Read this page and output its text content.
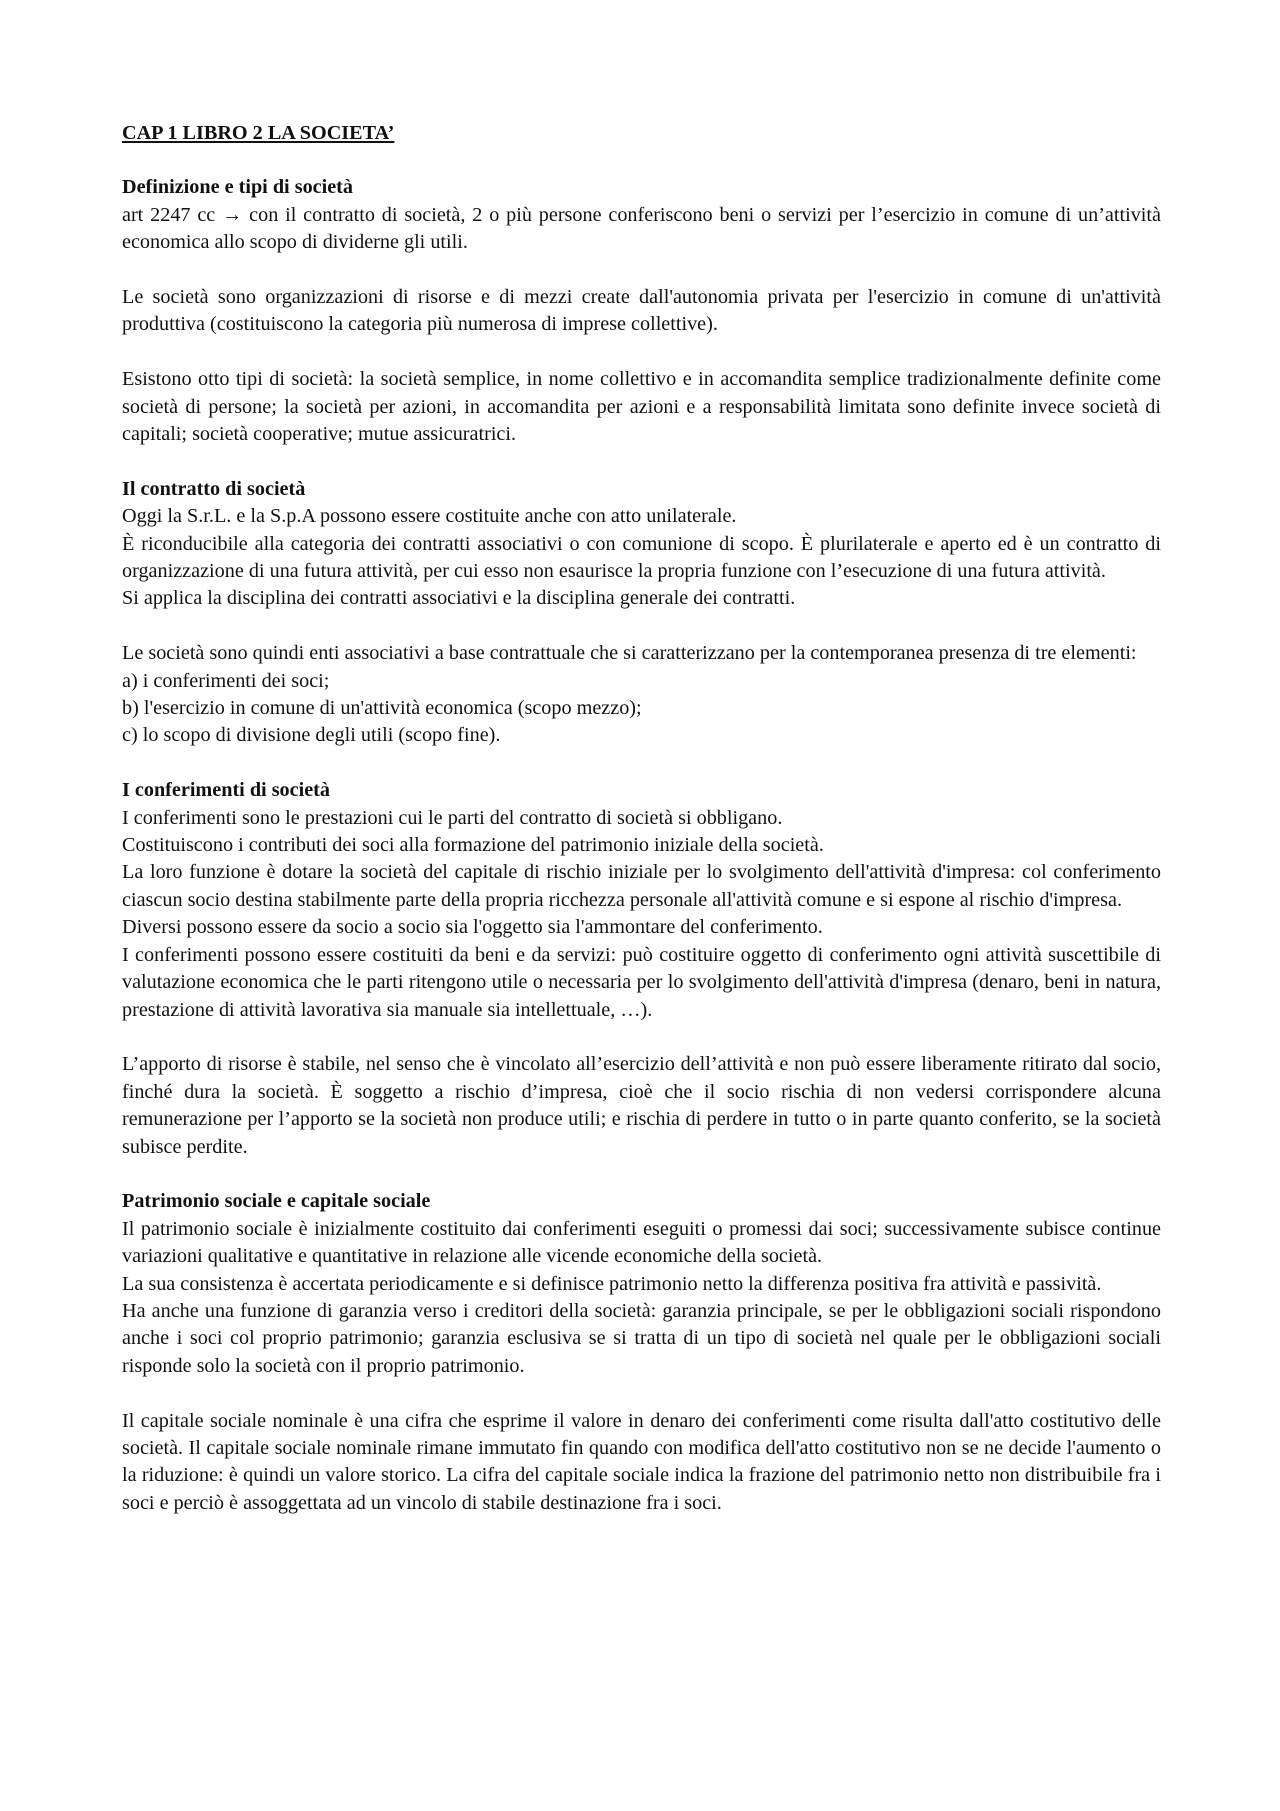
CAP 1 LIBRO 2 LA SOCIETA’

Definizione e tipi di società

art 2247 cc → con il contratto di società, 2 o più persone conferiscono beni o servizi per l’esercizio in comune di un’attività economica allo scopo di dividerne gli utili.

Le società sono organizzazioni di risorse e di mezzi create dall'autonomia privata per l'esercizio in comune di un'attività produttiva (costituiscono la categoria più numerosa di imprese collettive).

Esistono otto tipi di società: la società semplice, in nome collettivo e in accomandita semplice tradizionalmente definite come società di persone; la società per azioni, in accomandita per azioni e a responsabilità limitata sono definite invece società di capitali; società cooperative; mutue assicuratrici.

Il contratto di società

Oggi la S.r.L. e la S.p.A possono essere costituite anche con atto unilaterale.

È riconducibile alla categoria dei contratti associativi o con comunione di scopo. È plurilaterale e aperto ed è un contratto di organizzazione di una futura attività, per cui esso non esaurisce la propria funzione con l’esecuzione di una futura attività.

Si applica la disciplina dei contratti associativi e la disciplina generale dei contratti.

Le società sono quindi enti associativi a base contrattuale che si caratterizzano per la contemporanea presenza di tre elementi:

a) i conferimenti dei soci;

b) l'esercizio in comune di un'attività economica (scopo mezzo);

c) lo scopo di divisione degli utili (scopo fine).

I conferimenti di società

I conferimenti sono le prestazioni cui le parti del contratto di società si obbligano.

Costituiscono i contributi dei soci alla formazione del patrimonio iniziale della società.

La loro funzione è dotare la società del capitale di rischio iniziale per lo svolgimento dell'attività d'impresa: col conferimento ciascun socio destina stabilmente parte della propria ricchezza personale all'attività comune e si espone al rischio d'impresa.

Diversi possono essere da socio a socio sia l'oggetto sia l'ammontare del conferimento.

I conferimenti possono essere costituiti da beni e da servizi: può costituire oggetto di conferimento ogni attività suscettibile di valutazione economica che le parti ritengono utile o necessaria per lo svolgimento dell'attività d'impresa (denaro, beni in natura, prestazione di attività lavorativa sia manuale sia intellettuale, …).

L’apporto di risorse è stabile, nel senso che è vincolato all’esercizio dell’attività e non può essere liberamente ritirato dal socio, finché dura la società. È soggetto a rischio d’impresa, cioè che il socio rischia di non vedersi corrispondere alcuna remunerazione per l’apporto se la società non produce utili; e rischia di perdere in tutto o in parte quanto conferito, se la società subisce perdite.

Patrimonio sociale e capitale sociale

Il patrimonio sociale è inizialmente costituito dai conferimenti eseguiti o promessi dai soci; successivamente subisce continue variazioni qualitative e quantitative in relazione alle vicende economiche della società.

La sua consistenza è accertata periodicamente e si definisce patrimonio netto la differenza positiva fra attività e passività.

Ha anche una funzione di garanzia verso i creditori della società: garanzia principale, se per le obbligazioni sociali rispondono anche i soci col proprio patrimonio; garanzia esclusiva se si tratta di un tipo di società nel quale per le obbligazioni sociali risponde solo la società con il proprio patrimonio.

Il capitale sociale nominale è una cifra che esprime il valore in denaro dei conferimenti come risulta dall'atto costitutivo delle società. Il capitale sociale nominale rimane immutato fin quando con modifica dell'atto costitutivo non se ne decide l'aumento o la riduzione: è quindi un valore storico. La cifra del capitale sociale indica la frazione del patrimonio netto non distribuibile fra i soci e perciò è assoggettata ad un vincolo di stabile destinazione fra i soci.
